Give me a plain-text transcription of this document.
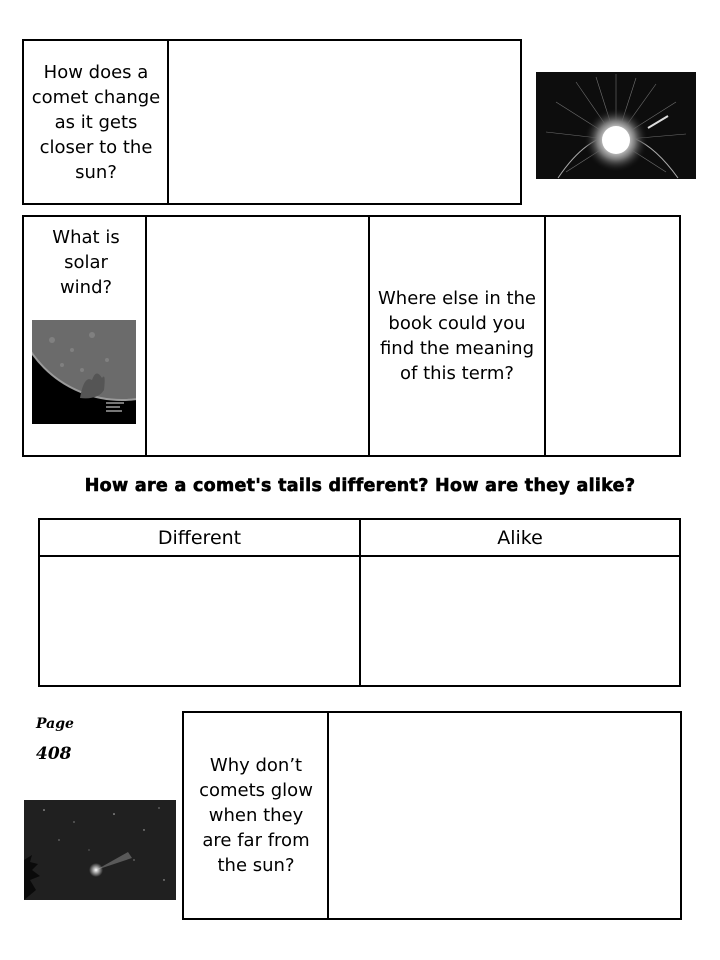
How does a comet change as it gets closer to the sun?
What is solar wind?
Where else in the book could you find the meaning of this term?
How are a comet's tails different? How are they alike?
Different	Alike
Page
408
Why don’t comets glow when they are far from the sun?
